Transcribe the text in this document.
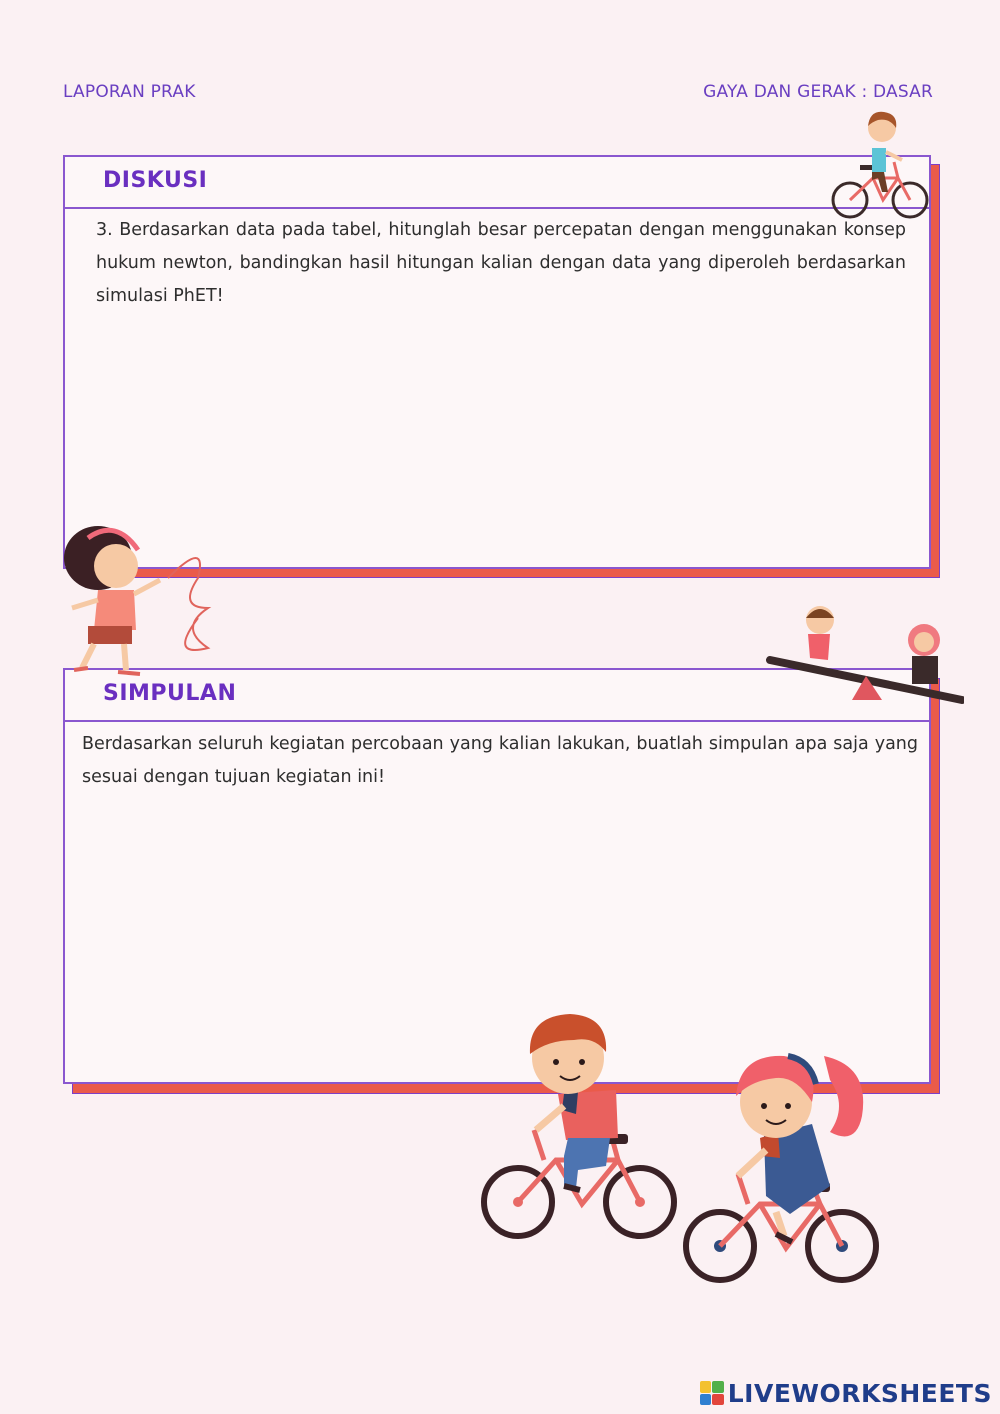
LAPORAN PRAK	GAYA DAN GERAK : DASAR
DISKUSI
3. Berdasarkan data pada tabel, hitunglah besar percepatan dengan menggunakan konsep hukum newton, bandingkan hasil hitungan kalian dengan data yang diperoleh berdasarkan simulasi PhET!
SIMPULAN
Berdasarkan seluruh kegiatan percobaan yang kalian lakukan, buatlah simpulan apa saja yang sesuai dengan tujuan kegiatan ini!
LIVEWORKSHEETS
